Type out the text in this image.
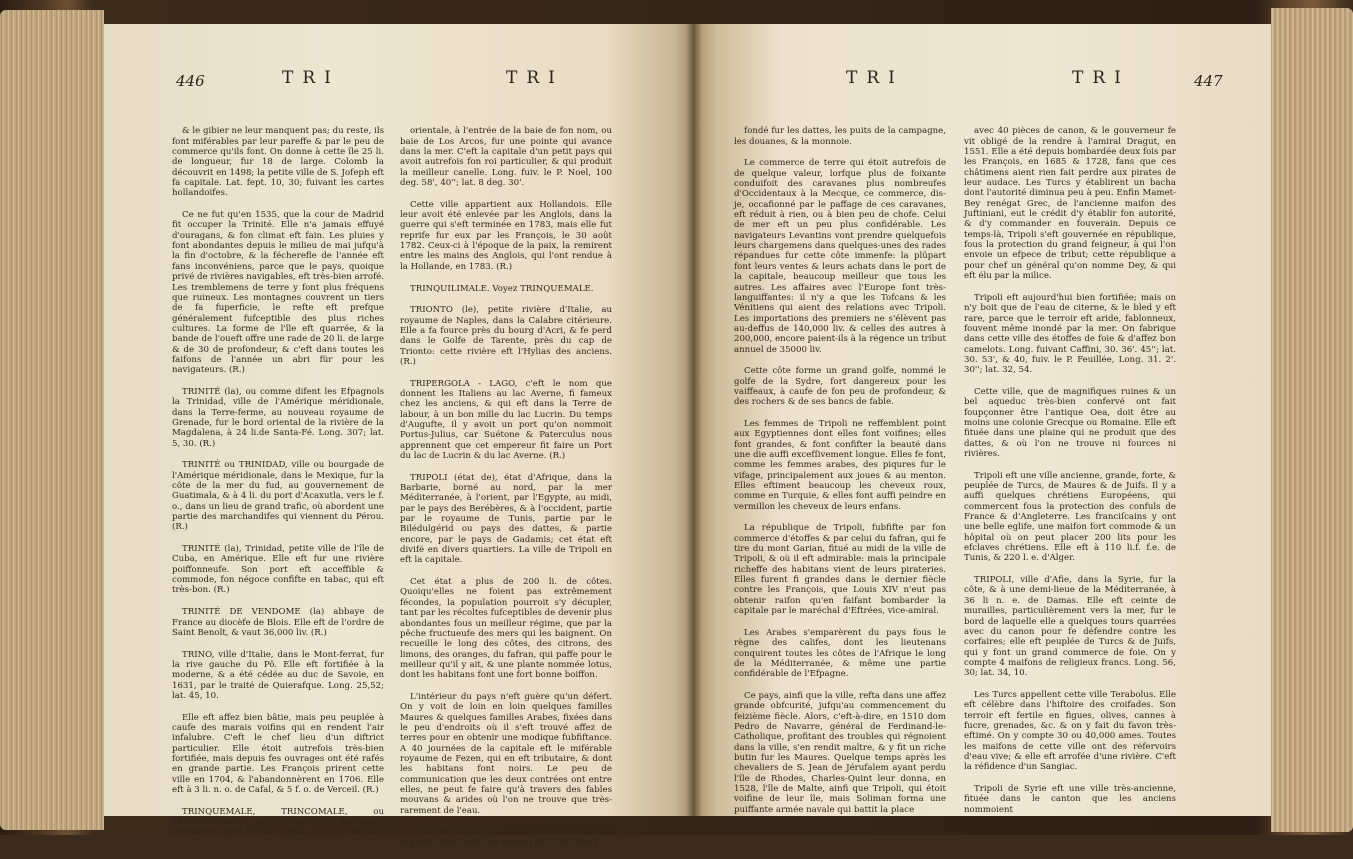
446	TRI	TRI

& le gibier ne leur manquent pas; du reste, ils font miférables par leur pareffe & par le peu de commerce qu'ils font. On donne à cette île 25 li. de longueur, fur 18 de large. Colomb la découvrit en 1498; la petite ville de S. Jofeph eft fa capitale. Lat. fept. 10, 30; fuivant les cartes hollandoifes.

Ce ne fut qu'en 1535, que la cour de Madrid fit occuper la Trinité. Elle n'a jamais effuyé d'ouragans, & fon climat eft fain. Les pluies y font abondantes depuis le milieu de mai jufqu'à la fin d'octobre, & la fécherefle de l'année eft fans inconvéniens, parce que le pays, quoique privé de rivières navigables, eft très-bien arrofé. Les tremblemens de terre y font plus fréquens que ruineux. Les montagnes couvrent un tiers de fa fuperficie, le refte eft prefque généralement fufceptible des plus riches cultures. La forme de l'île eft quarrée, & la bande de l'oueft offre une rade de 20 li. de large & de 30 de profondeur, & c'eft dans toutes les faifons de l'année un abri für pour les navigateurs. (R.)

TRINITÉ (la), ou comme difent les Efpagnols la Trinidad, ville de l'Amérique méridionale, dans la Terre-ferme, au nouveau royaume de Grenade, fur le bord oriental de la rivière de la Magdalena, à 24 li.de Santa-Fé. Long. 307; lat. 5, 30. (R.)

TRINITÉ ou TRINIDAD, ville ou bourgade de l'Amérique méridionale, dans le Mexique, fur la côte de la mer du fud, au gouvernement de Guatimala, & à 4 li. du port d'Acaxutla, vers le f. o., dans un lieu de grand trafic, où abordent une partie des marchandifes qui viennent du Pérou. (R.)

TRINITÉ (la), Trinidad, petite ville de l'île de Cuba, en Amérique. Elle eft fur une rivière poiffonneufe. Son port eft acceffible & commode, fon négoce confifte en tabac, qui eft très-bon. (R.)

TRINITÉ DE VENDOME (la) abbaye de France au diocèfe de Blois. Elle eft de l'ordre de Saint Benoît, & vaut 36,000 liv. (R.)

TRINO, ville d'Italie, dans le Mont-ferrat, fur la rive gauche du Pô. Elle eft fortifiée à la moderne, & a été cédée au duc de Savoie, en 1631, par le traité de Quierafque. Long. 25,52; lat. 45, 10.

Elle eft affez bien bâtie, mais peu peuplée à caufe des marais voifins qui en rendent l'air infalubre. C'eft le chef lieu d'un diftrict particulier. Elle étoit autrefois très-bien fortifiée, mais depuis fes ouvrages ont été rafés en grande partie. Les François prirent cette ville en 1704, & l'abandonnèrent en 1706. Elle eft à 3 li. n. o. de Cafal, & 5 f. o. de Verceil. (R.)

TRINQUEMALE, TRINCOMALE, ou TRINQUILIMALE, port & forterefle des Indes Orientales, dans l'île de Ceylan, au n. de la côte

orientale, à l'entrée de la baie de fon nom, ou baie de Los Arcos, fur une pointe qui avance dans la mer. C'eft la capitale d'un petit pays qui avoit autrefois fon roi particulier, & qui produit la meilleur canelle. Long. fuiv. le P. Noel, 100 deg. 58', 40''; lat. 8 deg. 30'.

Cette ville appartient aux Hollandois. Elle leur avoit été enlevée par les Anglois, dans la guerre qui s'eft terminée en 1783, mais elle fut reprife fur eux par les François, le 30 août 1782. Ceux-ci à l'époque de la paix, la remirent entre les mains des Anglois, qui l'ont rendue à la Hollande, en 1783. (R.)

TRINQUILIMALE. Voyez TRINQUEMALE.

TRIONTO (le), petite rivière d'Italie, au royaume de Naples, dans la Calabre citérieure. Elle a fa fource près du bourg d'Acri, & fe perd dans le Golfe de Tarente, près du cap de Trionto: cette rivière eft l'Hylias des anciens. (R.)

TRIPERGOLA - LAGO, c'eft le nom que donnent les Italiens au lac Averne, fi fameux chez les anciens, & qui eft dans la Terre de labour, à un bon mille du lac Lucrin. Du temps d'Augufte, il y avoit un port qu'on nommoit Portus-Julius, car Suétone & Paterculus nous apprennent que cet empereur fit faire un Port du lac de Lucrin & du lac Averne. (R.)

TRIPOLI (état de), état d'Afrique, dans la Barbarie, borné au nord, par la mer Méditerranée, à l'orient, par l'Egypte, au midi, par le pays des Berébères, & à l'occident, partie par le royaume de Tunis, partie par le Bilédulgérid ou pays des dattes, & partie encore, par le pays de Gadamis; cet état eft divifé en divers quartiers. La ville de Tripoli en eft la capitale.

Cet état a plus de 200 li. de côtes. Quoiqu'elles ne foient pas extrêmement fécondes, la population pourroit s'y décupler, tant par les récoltes fufceptibles de devenir plus abondantes fous un meilleur régime, que par la pêche fructueufe des mers qui les baignent. On recueille le long des côtes, des citrons, des limons, des oranges, du fafran, qui paffe pour le meilleur qu'il y ait, & une plante nommée lotus, dont les habitans font une fort bonne boiffon.

L'intérieur du pays n'eft guère qu'un défert. On y voit de loin en loin quelques familles Maures & quelques familles Arabes, fixées dans le peu d'endroits où il s'eft trouvé affez de terres pour en obtenir une modique fubfiftance. A 40 journées de la capitale eft le miférable royaume de Fezen, qui en eft tributaire, & dont les habitans font noirs. Le peu de communication que les deux contrées ont entre elles, ne peut fe faire qu'à travers des fables mouvans & arides où l'on ne trouve que très-rarement de l'eau.

L'état de Tripoli, qu'on défigne fous le titre de régence, peut avoir un revenu de 2,000,000 l.

TRI	TRI	447

fondé fur les dattes, les puits de la campagne, les douanes, & la monnoie.

Le commerce de terre qui étoit autrefois de de quelque valeur, lorfque plus de foixante conduifoit des caravanes plus nombreufes d'Occidentaux à la Mecque, ce commerce, dis-je, occafionné par le paffage de ces caravanes, eft réduit à rien, ou à bien peu de chofe. Celui de mer eft un peu plus confidérable. Les navigateurs Levantins vont prendre quelquefois leurs chargemens dans quelques-unes des rades répandues fur cette côte immenfe: la plûpart font leurs ventes & leurs achats dans le port de la capitale, beaucoup meilleur que tous les autres. Les affaires avec l'Europe font très-languiffantes: il n'y a que les Tofcans & les Vénitiens qui aient des relations avec Tripoli. Les importations des premiers ne s'élèvent pas au-deffus de 140,000 liv. & celles des autres à 200,000, encore paient-ils à la régence un tribut annuel de 35000 liv.

Cette côte forme un grand golfe, nommé le golfe de la Sydre, fort dangereux pour les vaiffeaux, à caufe de fon peu de profondeur, & des rochers & de ses bancs de fable.

Les femmes de Tripoli ne reffemblent point aux Egyptiennes dont elles font voifines; elles font grandes, & font confifter la beauté dans une die auffi excefſivement longue. Elles fe font, comme les femmes arabes, des piqures fur le vifage, principalement aux joues & au menton. Elles eftiment beaucoup les cheveux roux, comme en Turquie, & elles font auffi peindre en vermillon les cheveux de leurs enfans.

La république de Tripoli, fubfifte par fon commerce d'étoffes & par celui du fafran, qui fe tire du mont Garian, fitué au midi de la ville de Tripoli, & où il eft admirable: mais la principale richeffe des habitans vient de leurs pirateries. Elles furent fi grandes dans le dernier fiècle contre les François, que Louis XIV n'eut pas obtenir raifon qu'en faifant bombarder la capitale par le maréchal d'Eftrées, vice-amiral.

Les Arabes s'emparèrent du pays fous le règne des califes, dont les lieutenans conquirent toutes les côtes de l'Afrique le long de la Méditerranée, & même une partie confidérable de l'Efpagne.

Ce pays, ainfi que la ville, refta dans une affez grande obfcurité, jufqu'au commencement du feizième fiècle. Alors, c'eft-à-dire, en 1510 dom Pedro de Navarre, général de Ferdinand-le-Catholique, profitant des troubles qui régnoient dans la ville, s'en rendit maître, & y fit un riche butin fur les Maures. Quelque temps après les chevaliers de S. Jean de Jérufalem ayant perdu l'île de Rhodes, Charles-Quint leur donna, en 1528, l'île de Malte, ainfi que Tripoli, qui étoit voifine de leur île, mais Soliman forma une puiffante armée navale qui battit la place

avec 40 pièces de canon, & le gouverneur fe vit obligé de la rendre à l'amiral Dragut, en 1551. Elle a été depuis bombardée deux fois par les François, en 1685 & 1728, fans que ces châtimens aient rien fait perdre aux pirates de leur audace. Les Turcs y établirent un bacha dont l'autorité diminua peu à peu. Enfin Mamet-Bey renégat Grec, de l'ancienne maifon des Juftiniani, eut le crédit d'y établir fon autorité, & d'y commander en fouverain. Depuis ce temps-là, Tripoli s'eft gouvernée en république, fous la protection du grand feigneur, à qui l'on envoie un efpece de tribut; cette république a pour chef un général qu'on nomme Dey, & qui eft élu par la milice.

Tripoli eft aujourd'hui bien fortifiée; mais on n'y boit que de l'eau de citerne, & le bled y eft rare, parce que le terroir eft aride, fablonneux, fouvent même inondé par la mer. On fabrique dans cette ville des étoffes de foie & d'affez bon camelots. Long. fuivant Caffini, 30. 36'. 45''; lat. 30. 53', & 40, fuiv. le P. Feuillée, Long. 31. 2'. 30''; lat. 32, 54.

Cette ville, que de magnifiques ruines & un bel aqueduc très-bien confervé ont fait foupçonner être l'antique Oea, doit être au moins une colonie Grecque ou Romaine. Elle eft fituée dans une plaine qui ne produit que des dattes, & où l'on ne trouve ni fources ni rivières.

Tripoli eft une ville ancienne, grande, forte, & peuplée de Turcs, de Maures & de Juifs. Il y a auffi quelques chrétiens Européens, qui commercent fous la protection des confuls de France & d'Angleterre. Les franciſcains y ont une belle eglife, une maifon fort commode & un hôpital où on peut placer 200 lits pour les efclaves chrétiens. Elle eft à 110 li.f. f.e. de Tunis, & 220 l. e. d'Alger.

TRIPOLI, ville d'Afie, dans la Syrie, fur la côte, & à une demi-lieue de la Méditerranée, à 36 li n. e. de Damas. Elle eft ceinte de murailles, particulièrement vers la mer, fur le bord de laquelle elle a quelques tours quarrées avec du canon pour fe défendre contre les corfaires; elle eft peuplée de Turcs & de Juifs, qui y font un grand commerce de foie. On y compte 4 maifons de religieux francs. Long. 56, 30; lat. 34, 10.

Les Turcs appellent cette ville Terabolus. Elle eft célèbre dans l'hiftoire des croifades. Son terroir eft fertile en figues, olives, cannes à fucre, grenades, &c. & on y fait du favon très-eftimé. On y compte 30 ou 40,000 ames. Toutes les maifons de cette ville ont des réfervoirs d'eau vive; & elle eft arrofée d'une rivière. C'eft la réfidence d'un Sangiac.

Tripoli de Syrie eft une ville très-ancienne, fituée dans le canton que les anciens nommoient
